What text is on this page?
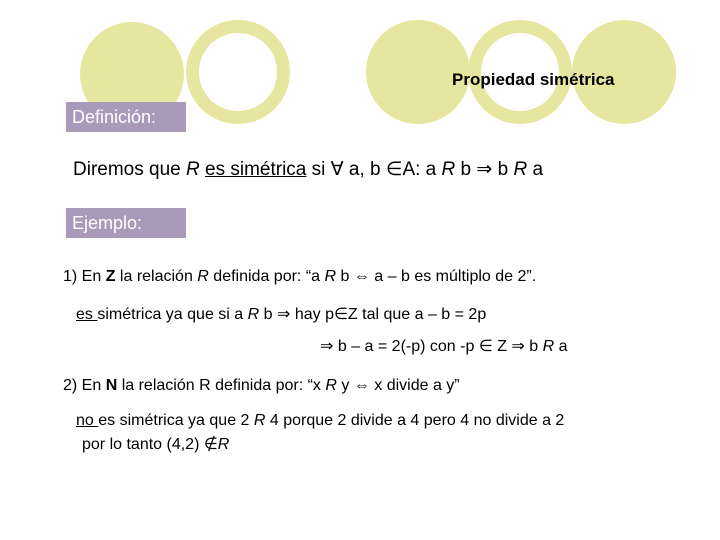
Propiedad simétrica
Definición:
Diremos que R es simétrica si ∀ a, b ∈A: a R b ⇒ b R a
Ejemplo:
1) En Z la relación R definida por: “a R b ⇔ a – b es múltiplo de 2”.
es simétrica ya que si a R b ⇒ hay p∈Z tal que a – b = 2p
⇒ b – a = 2(-p) con -p ∈ Z ⇒ b R a
2) En N la relación R definida por: “x R y ⇔ x divide a y”
no es simétrica ya que 2 R 4 porque 2 divide a 4 pero 4 no divide a 2
por lo tanto (4,2) ∉R
